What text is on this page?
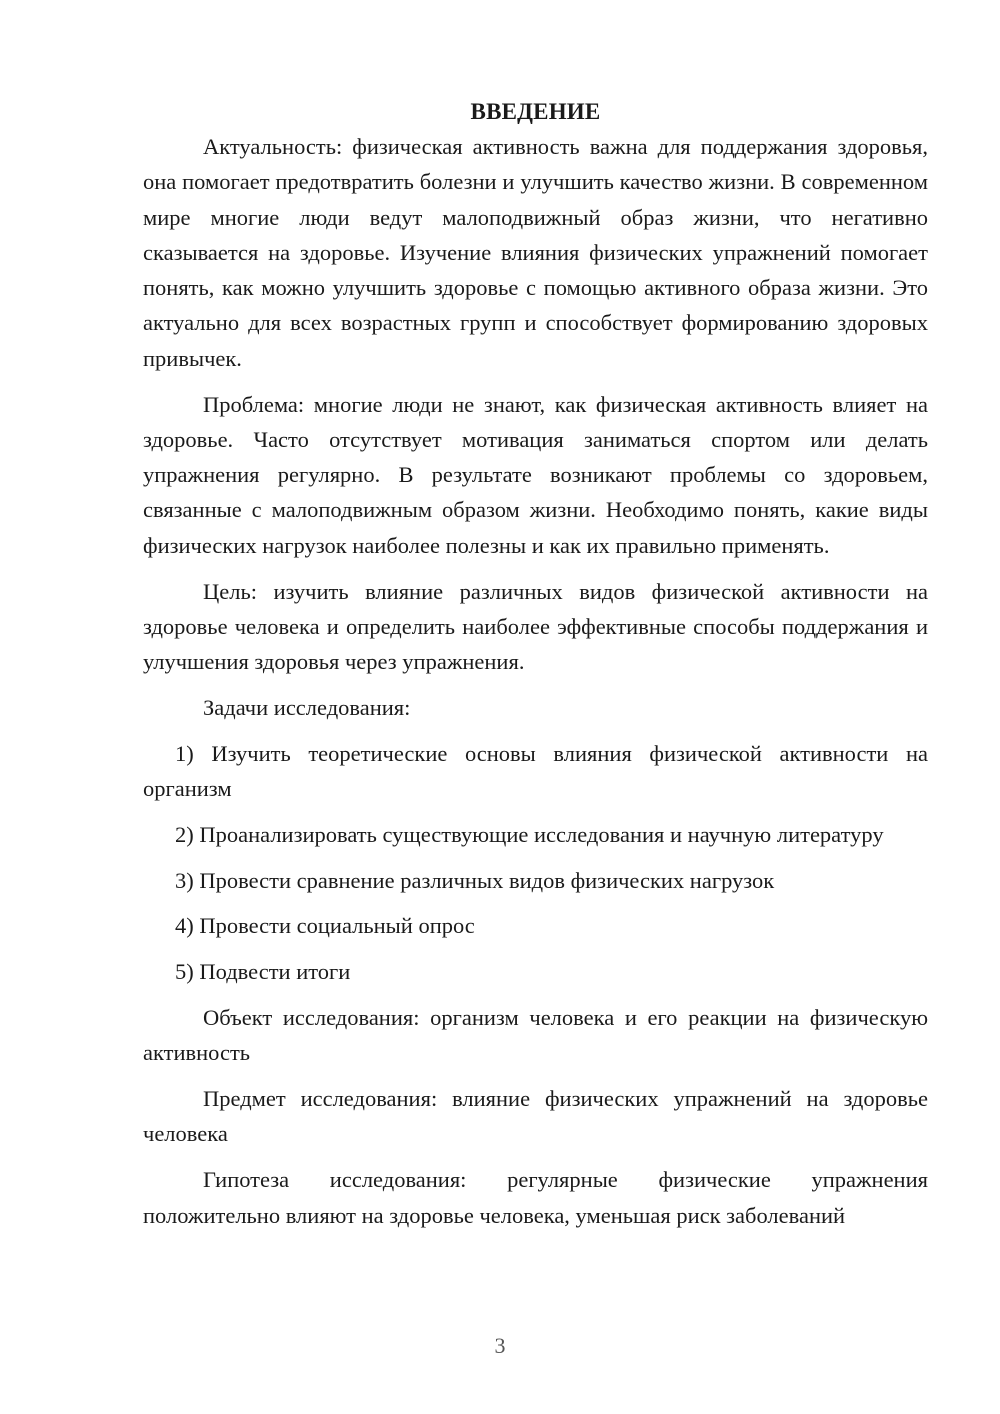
ВВЕДЕНИЕ

Актуальность: физическая активность важна для поддержания здоровья, она помогает предотвратить болезни и улучшить качество жизни. В современном мире многие люди ведут малоподвижный образ жизни, что негативно сказывается на здоровье. Изучение влияния физических упражнений помогает понять, как можно улучшить здоровье с помощью активного образа жизни. Это актуально для всех возрастных групп и способствует формированию здоровых привычек.

Проблема: многие люди не знают, как физическая активность влияет на здоровье. Часто отсутствует мотивация заниматься спортом или делать упражнения регулярно. В результате возникают проблемы со здоровьем, связанные с малоподвижным образом жизни. Необходимо понять, какие виды физических нагрузок наиболее полезны и как их правильно применять.

Цель: изучить влияние различных видов физической активности на здоровье человека и определить наиболее эффективные способы поддержания и улучшения здоровья через упражнения.

Задачи исследования:

1) Изучить теоретические основы влияния физической активности на организм

2) Проанализировать существующие исследования и научную литературу

3) Провести сравнение различных видов физических нагрузок

4) Провести социальный опрос

5) Подвести итоги

Объект исследования: организм человека и его реакции на физическую активность

Предмет исследования: влияние физических упражнений на здоровье человека

Гипотеза исследования: регулярные физические упражнения положительно влияют на здоровье человека, уменьшая риск заболеваний

3
